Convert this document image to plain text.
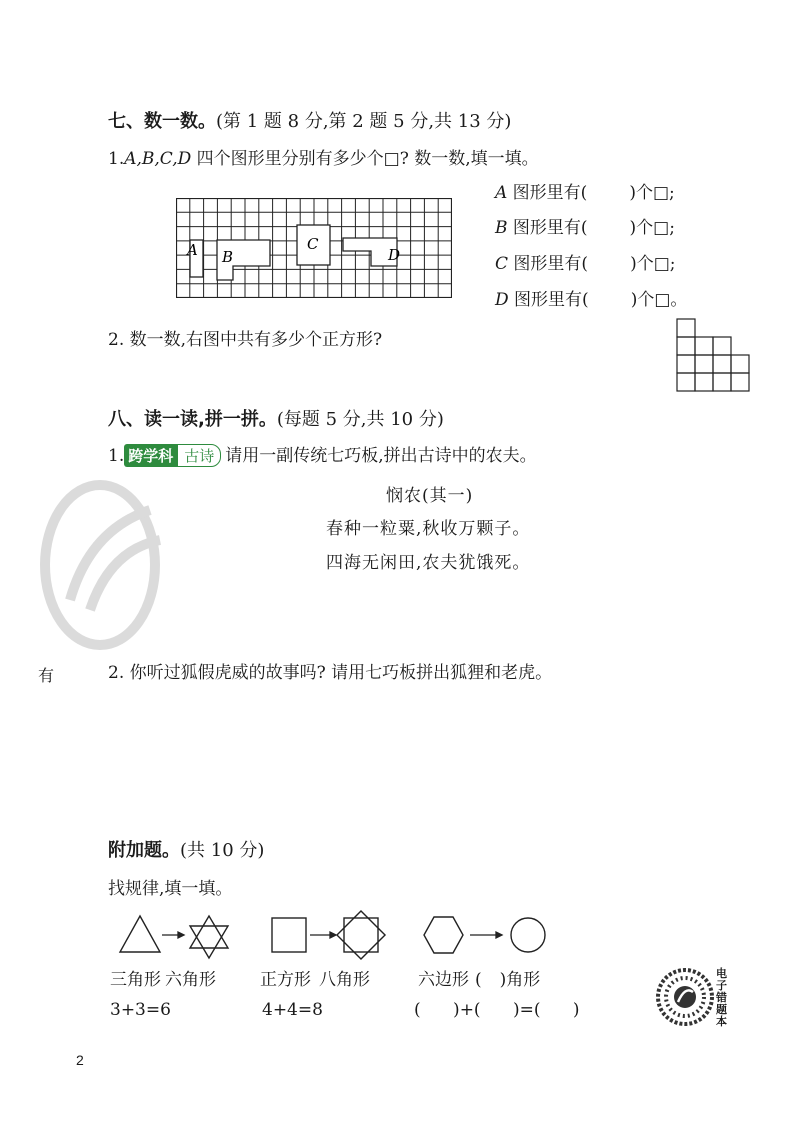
七、数一数。(第 1 题 8 分,第 2 题 5 分,共 13 分)
1.A,B,C,D 四个图形里分别有多少个□? 数一数,填一填。
A 图形里有( )个□;
B 图形里有( )个□;
C 图形里有( )个□;
D 图形里有( )个□。
A B
C
D
2. 数一数,右图中共有多少个正方形?
八、读一读,拼一拼。(每题 5 分,共 10 分)
1. 跨学科 古诗 请用一副传统七巧板,拼出古诗中的农夫。
有
悯农(其一)
春种一粒粟,秋收万颗子。
四海无闲田,农夫犹饿死。
2. 你听过狐假虎威的故事吗? 请用七巧板拼出狐狸和老虎。
附加题。(共 10 分)
找规律,填一填。
三角形 六角形	正方形 八角形	六边形 ( )角形
3+3=6	4+4=8	(      )+(      )=(      )
电子错题本
2
